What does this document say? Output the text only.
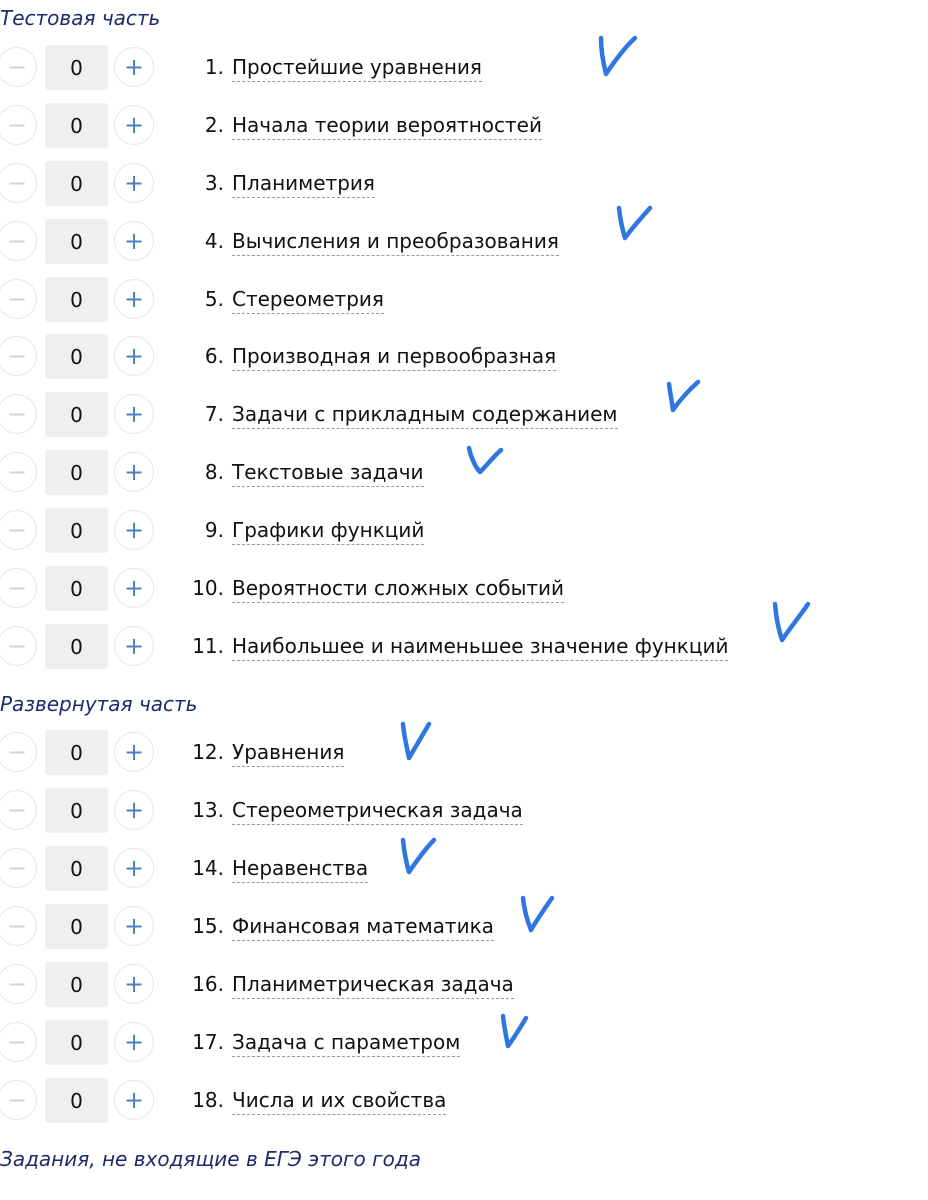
Тестовая часть
−	0	+	1. Простейшие уравнения
−	0	+	2. Начала теории вероятностей
−	0	+	3. Планиметрия
−	0	+	4. Вычисления и преобразования
−	0	+	5. Стереометрия
−	0	+	6. Производная и первообразная
−	0	+	7. Задачи с прикладным содержанием
−	0	+	8. Текстовые задачи
−	0	+	9. Графики функций
−	0	+	10. Вероятности сложных событий
−	0	+	11. Наибольшее и наименьшее значение функций
Развернутая часть
−	0	+	12. Уравнения
−	0	+	13. Стереометрическая задача
−	0	+	14. Неравенства
−	0	+	15. Финансовая математика
−	0	+	16. Планиметрическая задача
−	0	+	17. Задача с параметром
−	0	+	18. Числа и их свойства
Задания, не входящие в ЕГЭ этого года
